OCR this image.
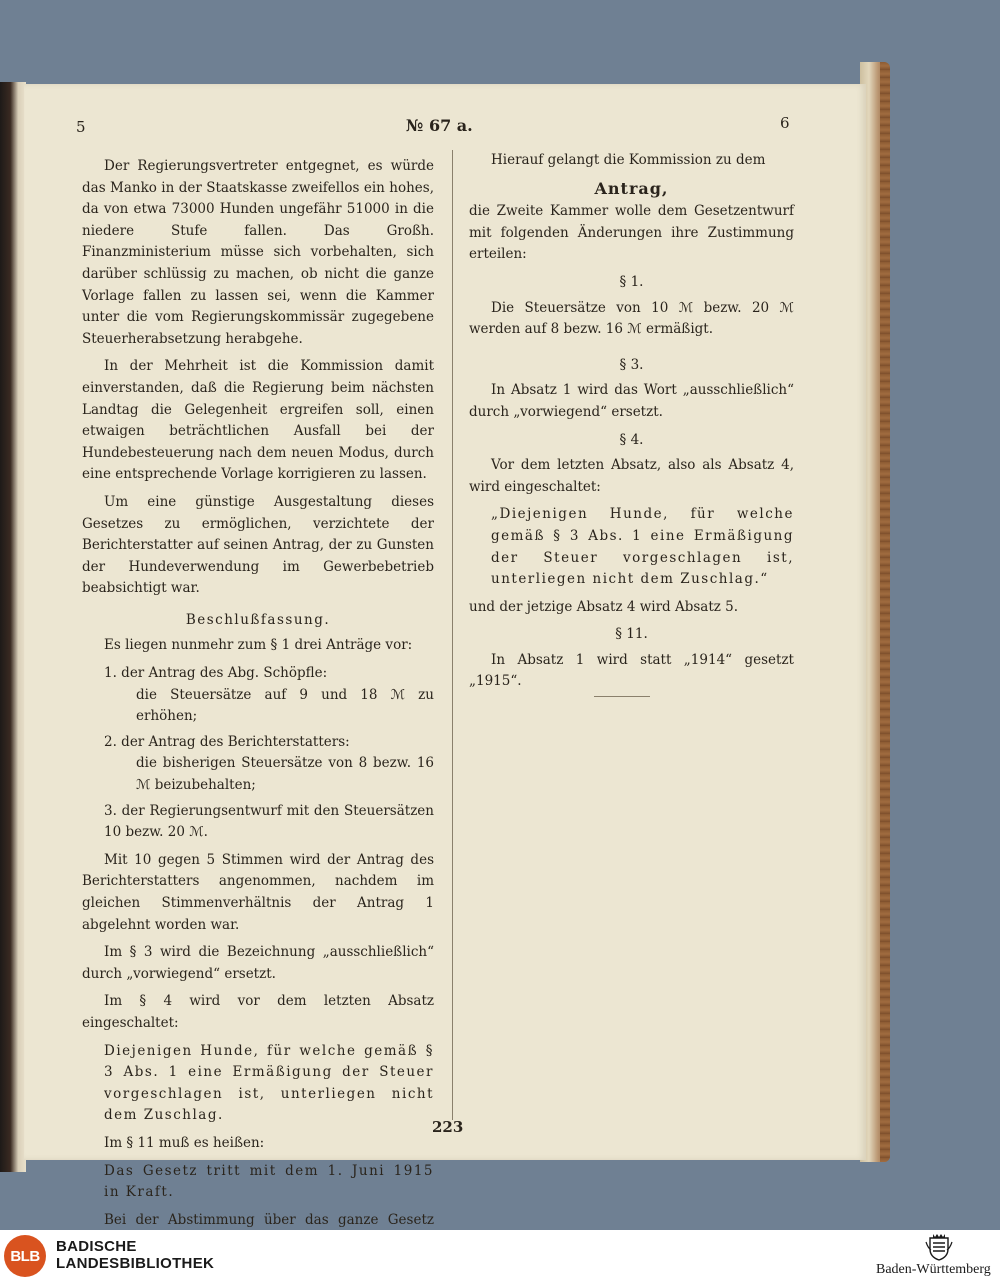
5	№ 67 a.	6

Der Regierungsvertreter entgegnet, es würde das Manko in der Staatskasse zweifellos ein hohes, da von etwa 73000 Hunden ungefähr 51000 in die niedere Stufe fallen. Das Großh. Finanzministerium müsse sich vorbehalten, sich darüber schlüssig zu machen, ob nicht die ganze Vorlage fallen zu lassen sei, wenn die Kammer unter die vom Regierungskommissär zugegebene Steuerherabsetzung herabgehe.

In der Mehrheit ist die Kommission damit einverstanden, daß die Regierung beim nächsten Landtag die Gelegenheit ergreifen soll, einen etwaigen beträchtlichen Ausfall bei der Hundebesteuerung nach dem neuen Modus, durch eine entsprechende Vorlage korrigieren zu lassen.

Um eine günstige Ausgestaltung dieses Gesetzes zu ermöglichen, verzichtete der Berichterstatter auf seinen Antrag, der zu Gunsten der Hundeverwendung im Gewerbebetrieb beabsichtigt war.

Beschlußfassung.

Es liegen nunmehr zum § 1 drei Anträge vor:

1. der Antrag des Abg. Schöpfle:
die Steuersätze auf 9 und 18 ℳ zu erhöhen;
2. der Antrag des Berichterstatters:
die bisherigen Steuersätze von 8 bezw. 16 ℳ beizubehalten;
3. der Regierungsentwurf mit den Steuersätzen 10 bezw. 20 ℳ.

Mit 10 gegen 5 Stimmen wird der Antrag des Berichterstatters angenommen, nachdem im gleichen Stimmenverhältnis der Antrag 1 abgelehnt worden war.

Im § 3 wird die Bezeichnung „ausschließlich“ durch „vorwiegend“ ersetzt.

Im § 4 wird vor dem letzten Absatz eingeschaltet:

Diejenigen Hunde, für welche gemäß § 3 Abs. 1 eine Ermäßigung der Steuer vorgeschlagen ist, unterliegen nicht dem Zuschlag.

Im § 11 muß es heißen:

Das Gesetz tritt mit dem 1. Juni 1915 in Kraft.

Bei der Abstimmung über das ganze Gesetz

Hierauf gelangt die Kommission zu dem

Antrag,

die Zweite Kammer wolle dem Gesetzentwurf mit folgenden Änderungen ihre Zustimmung erteilen:

§ 1.

Die Steuersätze von 10 ℳ bezw. 20 ℳ werden auf 8 bezw. 16 ℳ ermäßigt.

§ 3.

In Absatz 1 wird das Wort „ausschließlich“ durch „vorwiegend“ ersetzt.

§ 4.

Vor dem letzten Absatz, also als Absatz 4, wird eingeschaltet:

„Diejenigen Hunde, für welche gemäß § 3 Abs. 1 eine Ermäßigung der Steuer vorgeschlagen ist, unterliegen nicht dem Zuschlag.“

und der jetzige Absatz 4 wird Absatz 5.

§ 11.

In Absatz 1 wird statt „1914“ gesetzt „1915“.

223
BLB
BADISCHE
LANDESBIBLIOTHEK	Baden-Württemberg
